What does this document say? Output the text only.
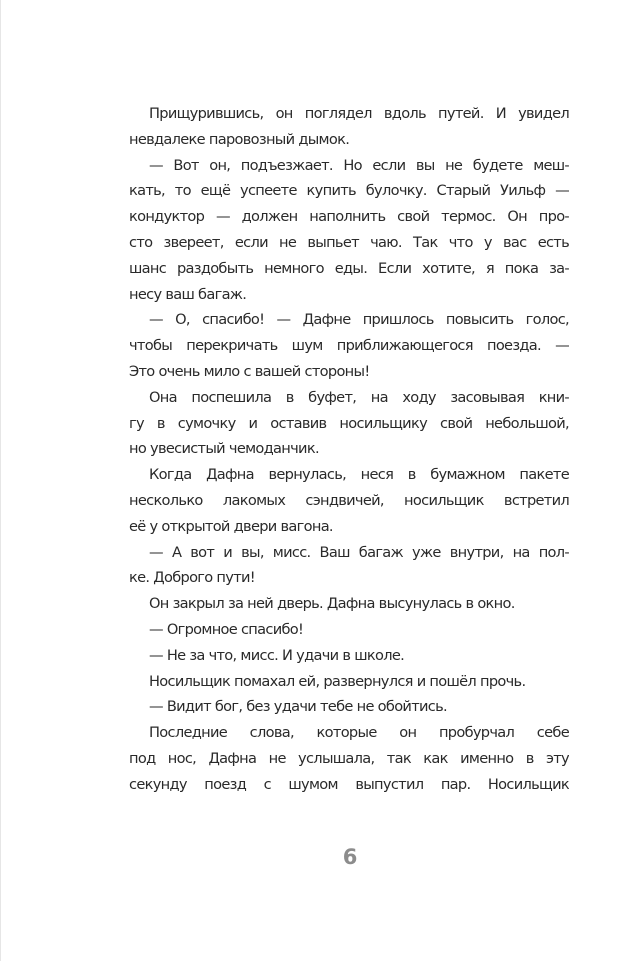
Прищурившись, он поглядел вдоль путей. И увидел
невдалеке паровозный дымок.
— Вот он, подъезжает. Но если вы не будете меш-
кать, то ещё успеете купить булочку. Старый Уильф —
кондуктор — должен наполнить свой термос. Он про-
сто звереет, если не выпьет чаю. Так что у вас есть
шанс раздобыть немного еды. Если хотите, я пока за-
несу ваш багаж.
— О, спасибо! — Дафне пришлось повысить голос,
чтобы перекричать шум приближающегося поезда. —
Это очень мило с вашей стороны!
Она поспешила в буфет, на ходу засовывая кни-
гу в сумочку и оставив носильщику свой небольшой,
но увесистый чемоданчик.
Когда Дафна вернулась, неся в бумажном пакете
несколько лакомых сэндвичей, носильщик встретил
её у открытой двери вагона.
— А вот и вы, мисс. Ваш багаж уже внутри, на пол-
ке. Доброго пути!
Он закрыл за ней дверь. Дафна высунулась в окно.
— Огромное спасибо!
— Не за что, мисс. И удачи в школе.
Носильщик помахал ей, развернулся и пошёл прочь.
— Видит бог, без удачи тебе не обойтись.
Последние слова, которые он пробурчал себе
под нос, Дафна не услышала, так как именно в эту
секунду поезд с шумом выпустил пар. Носильщик
6
